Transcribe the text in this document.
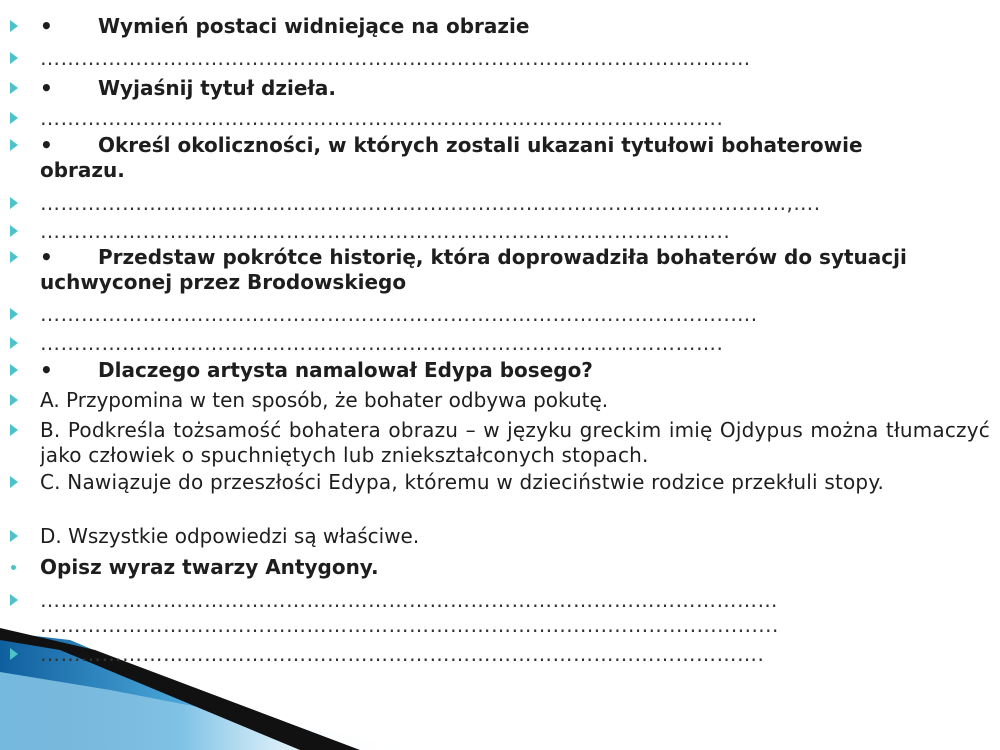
• Wymień postaci widniejące na obrazie
……………………………………………………………………………………..……
• Wyjaśnij tytuł dzieła.
……………………………………………………………………………………….
• Określ okoliczności, w których zostali ukazani tytułowi bohaterowie
obrazu.
……………………………………...................................................................,….
………………………………………………………………………………………..
• Przedstaw pokrótce historię, która doprowadziła bohaterów do sytuacji
uchwyconej przez Brodowskiego
………………………………………………………………………………………..….
……………………………………………………………………………………….
• Dlaczego artysta namalował Edypa bosego?
A. Przypomina w ten sposób, że bohater odbywa pokutę.
B. Podkreśla tożsamość bohatera obrazu – w języku greckim imię Ojdypus można tłumaczyć jako człowiek o spuchniętych lub zniekształconych stopach.
C. Nawiązuje do przeszłości Edypa, któremu w dzieciństwie rodzice przekłuli stopy.
D. Wszystkie odpowiedzi są właściwe.
Opisz wyraz twarzy Antygony.
………………………………………………………………………………………………
………………………………………………………………....................................
…………………………………………………………………………………………….
